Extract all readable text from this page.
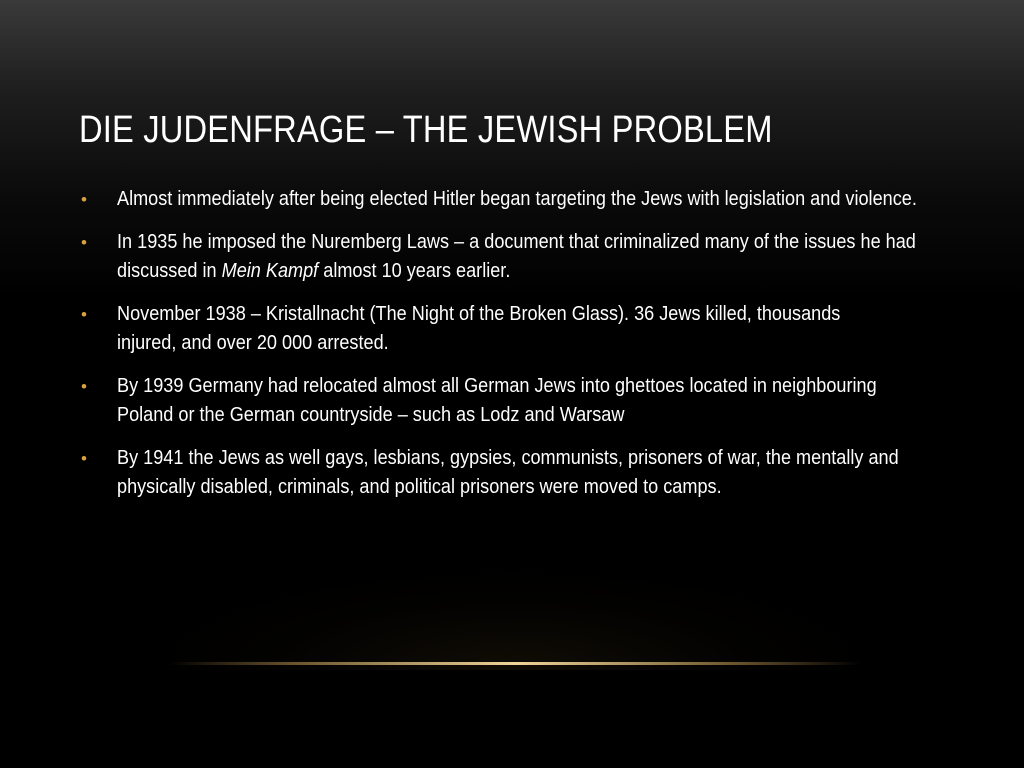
DIE JUDENFRAGE – THE JEWISH PROBLEM
• Almost immediately after being elected Hitler began targeting the Jews with legislation and violence.
• In 1935 he imposed the Nuremberg Laws – a document that criminalized many of the issues he had discussed in Mein Kampf almost 10 years earlier.
• November 1938 – Kristallnacht (The Night of the Broken Glass). 36 Jews killed, thousands injured, and over 20 000 arrested.
• By 1939 Germany had relocated almost all German Jews into ghettoes located in neighbouring Poland or the German countryside – such as Lodz and Warsaw
• By 1941 the Jews as well gays, lesbians, gypsies, communists, prisoners of war, the mentally and physically disabled, criminals, and political prisoners were moved to camps.
